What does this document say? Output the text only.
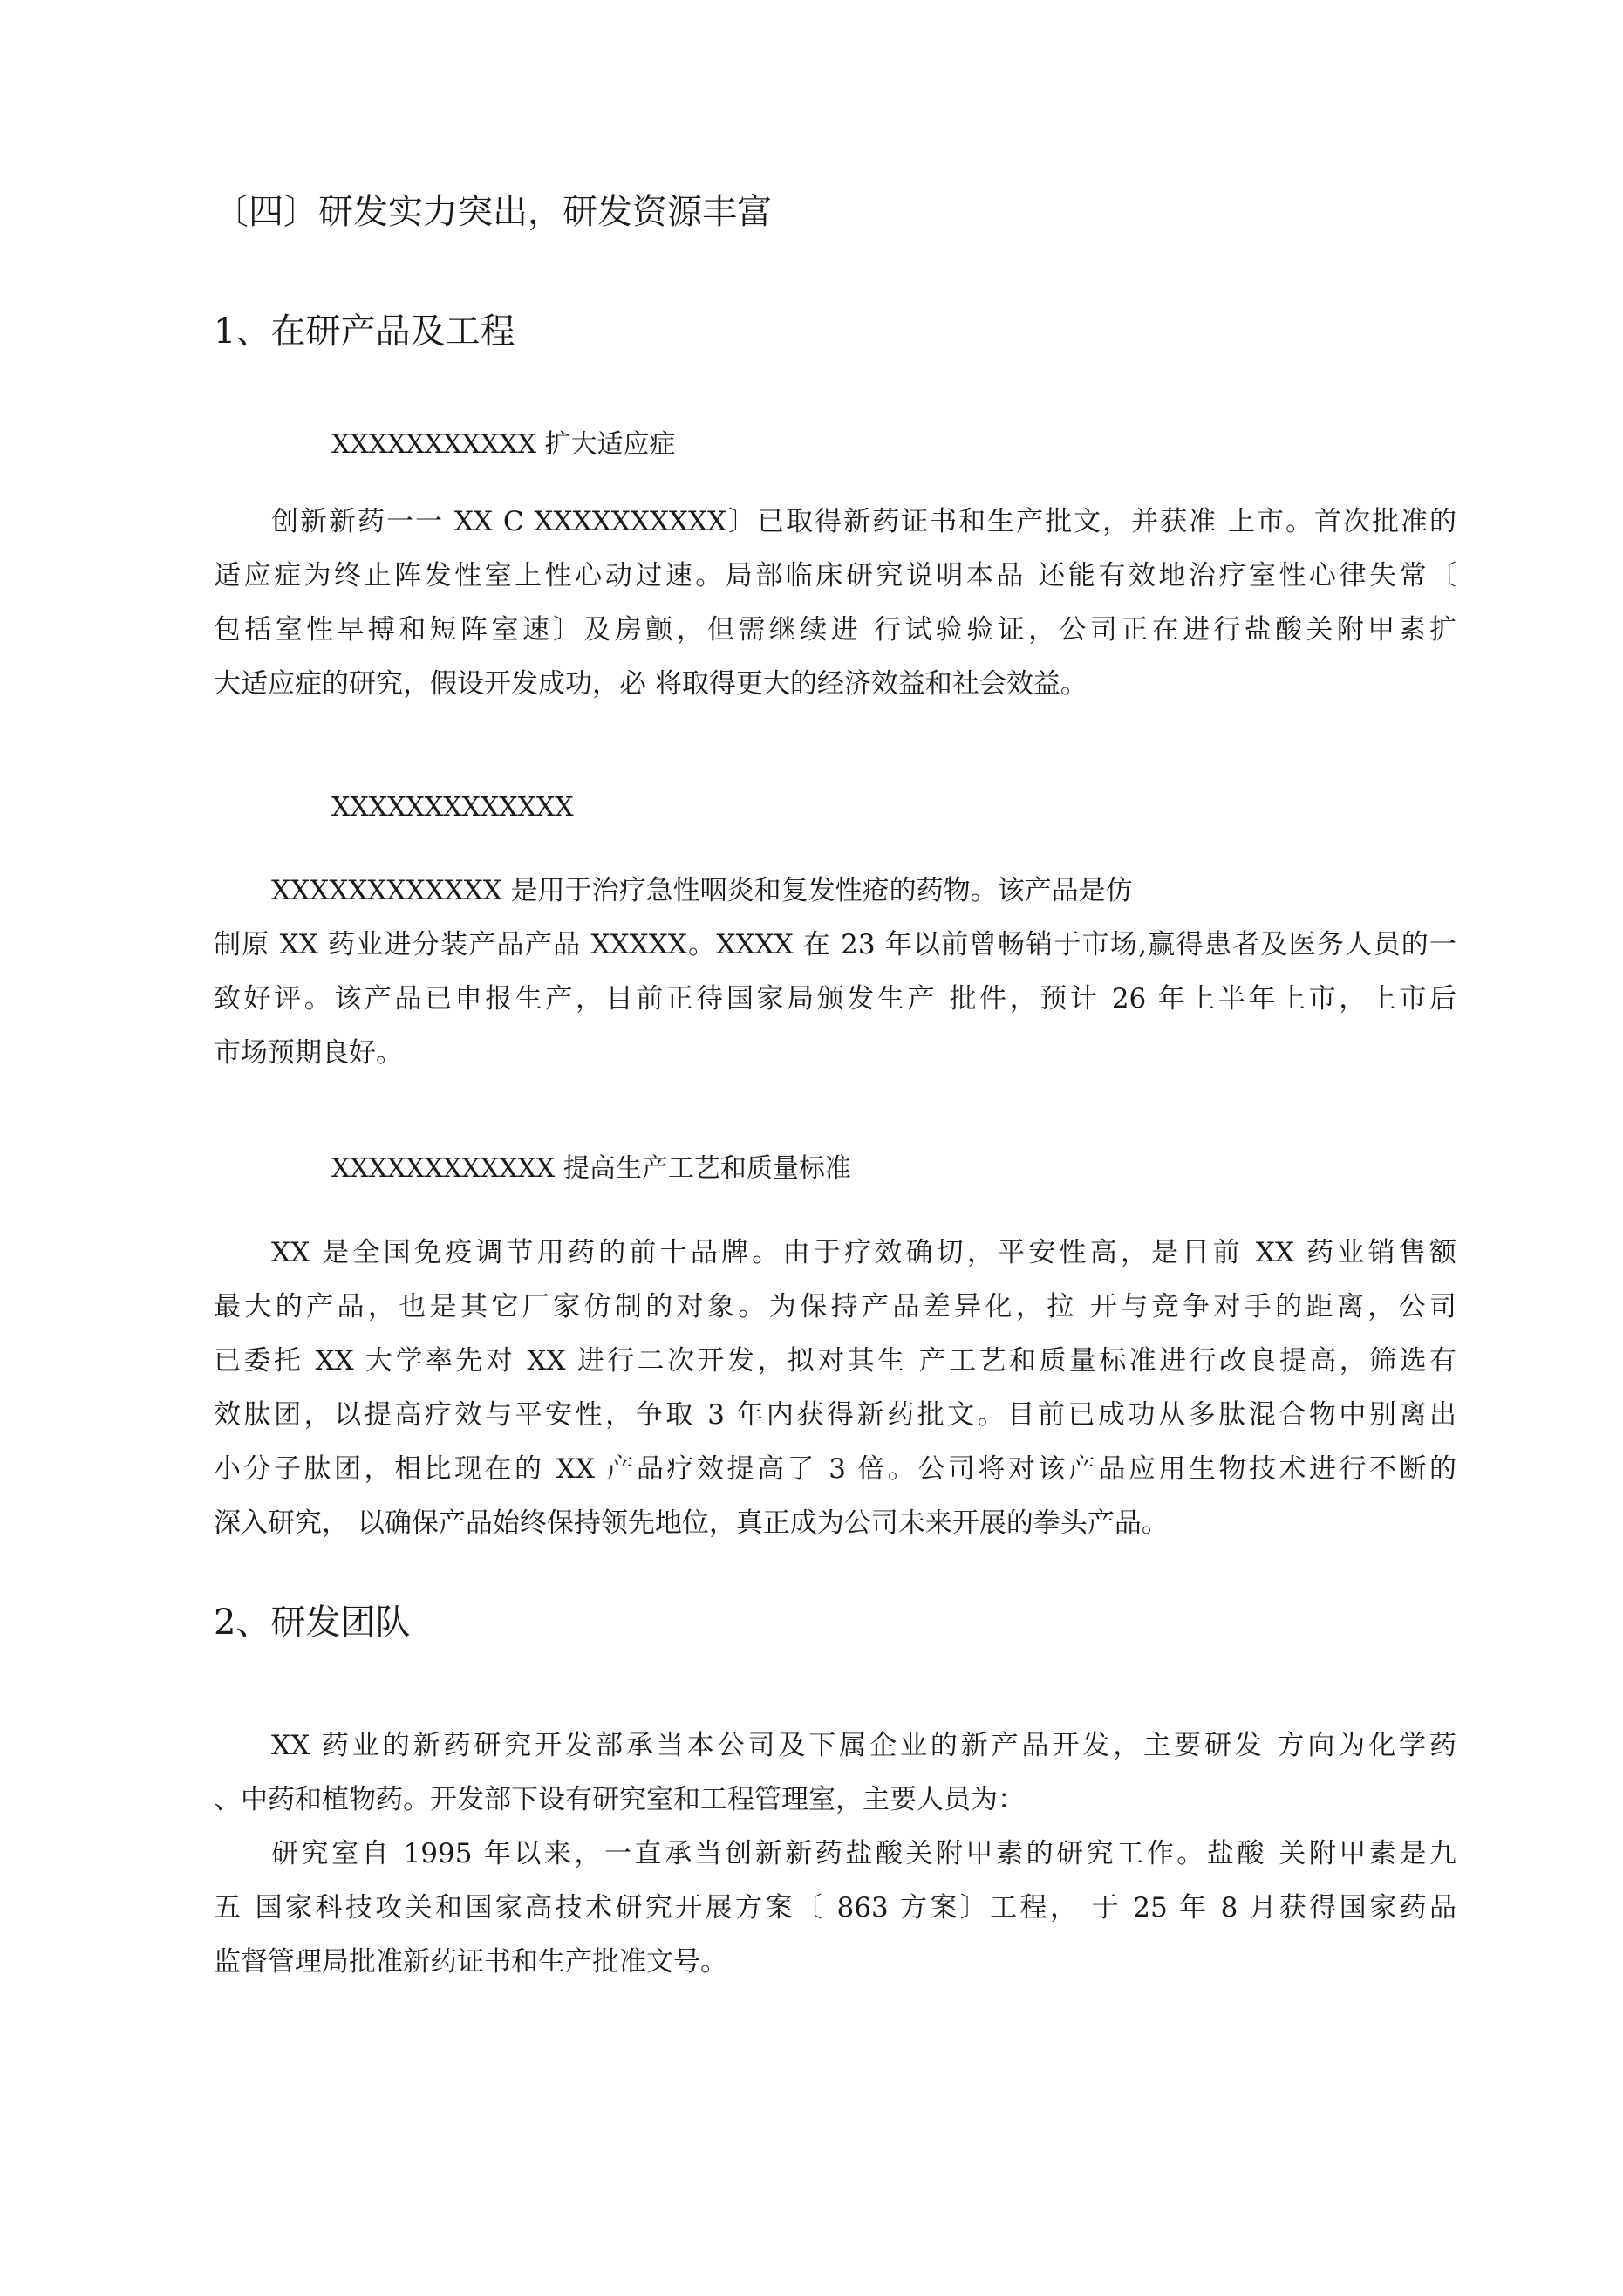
〔四〕研发实力突出，研发资源丰富
1、在研产品及工程
XXXXXXXXXXX 扩大适应症
创新新药一一 XX C XXXXXXXXXX〕已取得新药证书和生产批文，并获准 上市。首次批准的
适应症为终止阵发性室上性心动过速。局部临床研究说明本品 还能有效地治疗室性心律失常〔
包括室性早搏和短阵室速〕及房颤，但需继续进 行试验验证，公司正在进行盐酸关附甲素扩
大适应症的研究，假设开发成功，必 将取得更大的经济效益和社会效益。
XXXXXXXXXXXXX
XXXXXXXXXXXX 是用于治疗急性咽炎和复发性疮的药物。该产品是仿
制原 XX 药业进分装产品产品 XXXXX。XXXX 在 23 年以前曾畅销于市场,赢得患者及医务人员的一
致好评。该产品已申报生产，目前正待国家局颁发生产 批件，预计 26 年上半年上市，上市后
市场预期良好。
XXXXXXXXXXXX 提高生产工艺和质量标准
XX 是全国免疫调节用药的前十品牌。由于疗效确切，平安性高，是目前 XX 药业销售额
最大的产品，也是其它厂家仿制的对象。为保持产品差异化，拉 开与竞争对手的距离，公司
已委托 XX 大学率先对 XX 进行二次开发，拟对其生 产工艺和质量标准进行改良提高，筛选有
效肽团，以提高疗效与平安性，争取 3 年内获得新药批文。目前已成功从多肽混合物中别离出
小分子肽团，相比现在的 XX 产品疗效提高了 3 倍。公司将对该产品应用生物技术进行不断的
深入研究， 以确保产品始终保持领先地位，真正成为公司未来开展的拳头产品。
2、研发团队
XX 药业的新药研究开发部承当本公司及下属企业的新产品开发，主要研发 方向为化学药
、中药和植物药。开发部下设有研究室和工程管理室，主要人员为：
研究室自 1995 年以来，一直承当创新新药盐酸关附甲素的研究工作。盐酸 关附甲素是九
五 国家科技攻关和国家高技术研究开展方案〔 863 方案〕工程， 于 25 年 8 月获得国家药品
监督管理局批准新药证书和生产批准文号。
